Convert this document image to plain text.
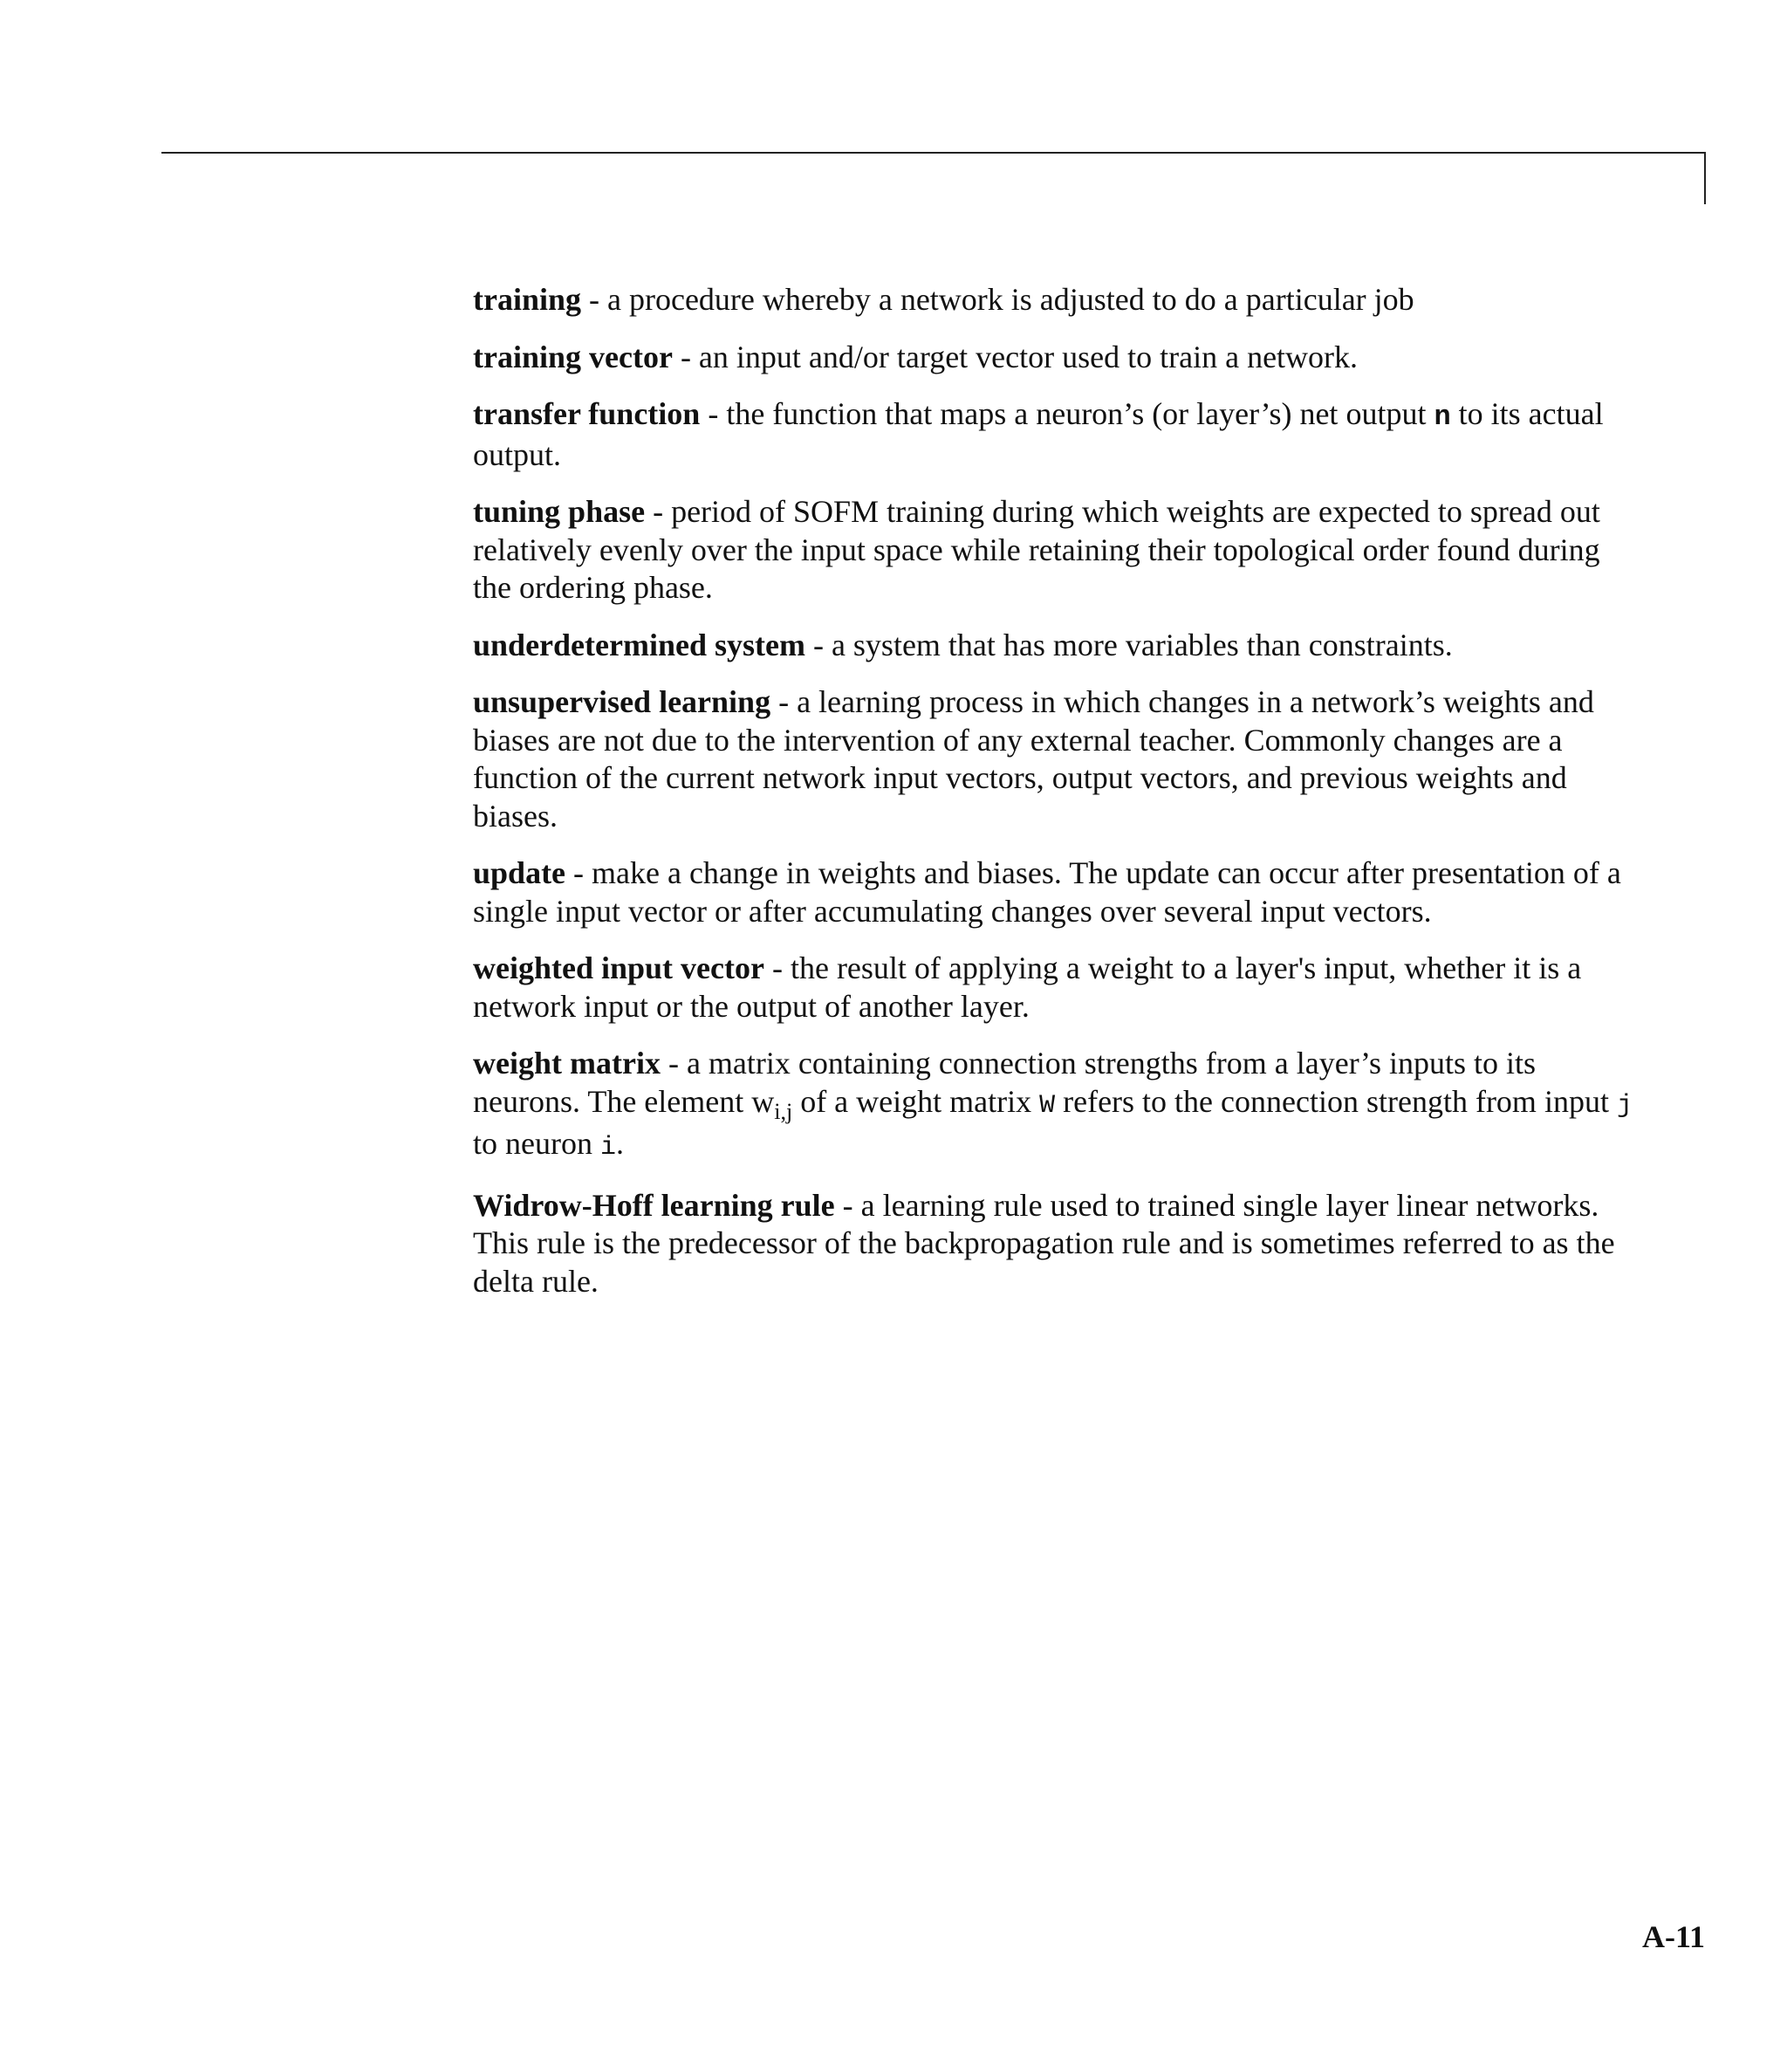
training - a procedure whereby a network is adjusted to do a particular job

training vector - an input and/or target vector used to train a network.

transfer function - the function that maps a neuron’s (or layer’s) net output n to its actual output.

tuning phase - period of SOFM training during which weights are expected to spread out relatively evenly over the input space while retaining their topological order found during the ordering phase.

underdetermined system - a system that has more variables than constraints.

unsupervised learning - a learning process in which changes in a network’s weights and biases are not due to the intervention of any external teacher. Commonly changes are a function of the current network input vectors, output vectors, and previous weights and biases.

update - make a change in weights and biases. The update can occur after presentation of a single input vector or after accumulating changes over several input vectors.

weighted input vector - the result of applying a weight to a layer's input, whether it is a network input or the output of another layer.

weight matrix - a matrix containing connection strengths from a layer’s inputs to its neurons. The element $w_{i,j}$ of a weight matrix W refers to the connection strength from input j to neuron i.

Widrow-Hoff learning rule - a learning rule used to trained single layer linear networks. This rule is the predecessor of the backpropagation rule and is sometimes referred to as the delta rule.

A-11
